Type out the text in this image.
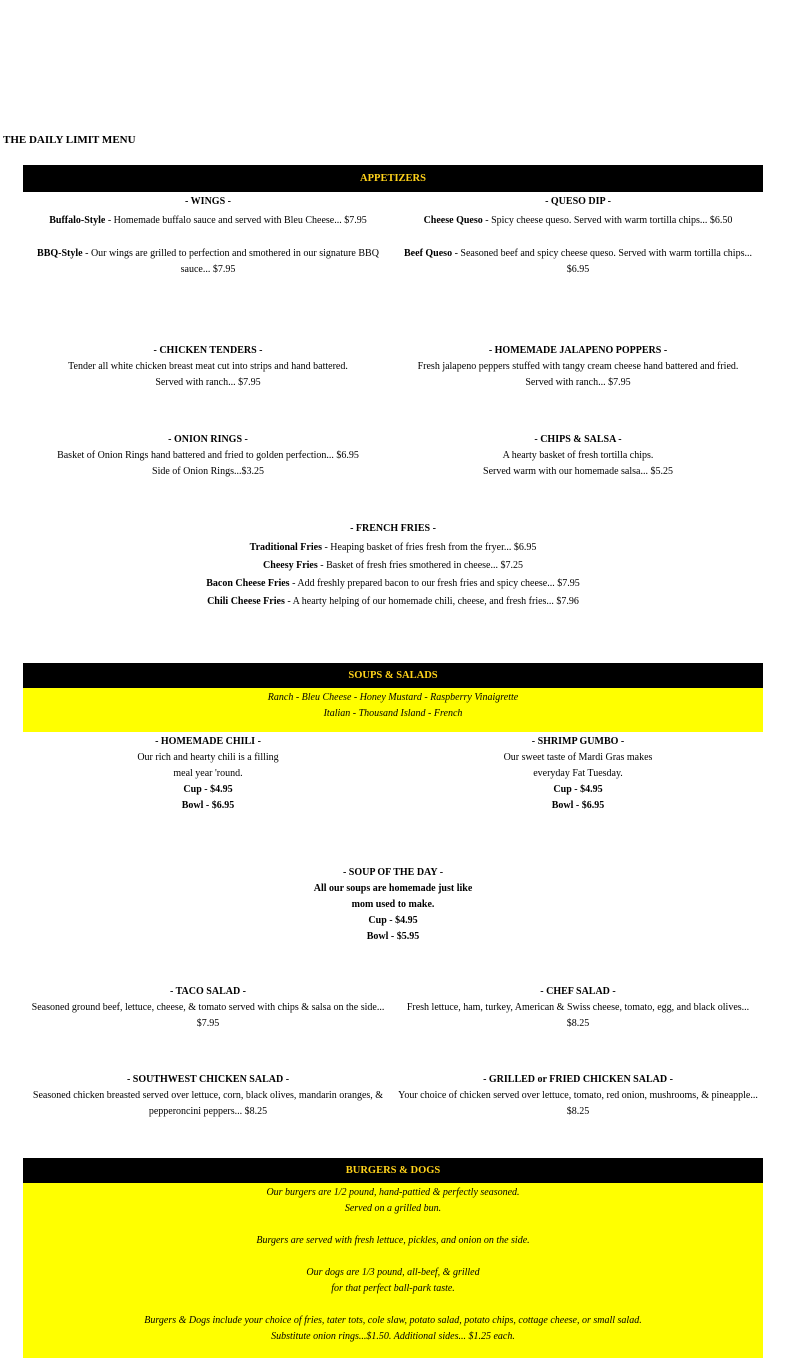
THE DAILY LIMIT MENU
APPETIZERS
- WINGS -
Buffalo-Style - Homemade buffalo sauce and served with Bleu Cheese... $7.95
BBQ-Style - Our wings are grilled to perfection and smothered in our signature BBQ
sauce... $7.95
- QUESO DIP -
Cheese Queso - Spicy cheese queso. Served with warm tortilla chips... $6.50
Beef Queso - Seasoned beef and spicy cheese queso. Served with warm tortilla chips...
$6.95
- CHICKEN TENDERS -
Tender all white chicken breast meat cut into strips and hand battered.
Served with ranch... $7.95
- HOMEMADE JALAPENO POPPERS -
Fresh jalapeno peppers stuffed with tangy cream cheese hand battered and fried.
Served with ranch... $7.95
- ONION RINGS -
Basket of Onion Rings hand battered and fried to golden perfection... $6.95
Side of Onion Rings...$3.25
- CHIPS & SALSA -
A hearty basket of fresh tortilla chips.
Served warm with our homemade salsa... $5.25
- FRENCH FRIES -
Traditional Fries - Heaping basket of fries fresh from the fryer... $6.95
Cheesy Fries - Basket of fresh fries smothered in cheese... $7.25
Bacon Cheese Fries - Add freshly prepared bacon to our fresh fries and spicy cheese... $7.95
Chili Cheese Fries - A hearty helping of our homemade chili, cheese, and fresh fries... $7.96
SOUPS & SALADS
Ranch - Bleu Cheese - Honey Mustard - Raspberry Vinaigrette
Italian - Thousand Island - French
- HOMEMADE CHILI -
Our rich and hearty chili is a filling
meal year 'round.
Cup - $4.95
Bowl - $6.95
- SHRIMP GUMBO -
Our sweet taste of Mardi Gras makes
everyday Fat Tuesday.
Cup - $4.95
Bowl - $6.95
- SOUP OF THE DAY -
All our soups are homemade just like
mom used to make.
Cup - $4.95
Bowl - $5.95
- TACO SALAD -
Seasoned ground beef, lettuce, cheese, & tomato served with chips & salsa on the side...
$7.95
- CHEF SALAD -
Fresh lettuce, ham, turkey, American & Swiss cheese, tomato, egg, and black olives...
$8.25
- SOUTHWEST CHICKEN SALAD -
Seasoned chicken breasted served over lettuce, corn, black olives, mandarin oranges, &
pepperoncini peppers... $8.25
- GRILLED or FRIED CHICKEN SALAD -
Your choice of chicken served over lettuce, tomato, red onion, mushrooms, & pineapple...
$8.25
BURGERS & DOGS
Our burgers are 1/2 pound, hand-pattied & perfectly seasoned.
Served on a grilled bun.
Burgers are served with fresh lettuce, pickles, and onion on the side.
Our dogs are 1/3 pound, all-beef, & grilled
for that perfect ball-park taste.
Burgers & Dogs include your choice of fries, tater tots, cole slaw, potato salad, potato chips, cottage cheese, or small salad.
Substitute onion rings...$1.50. Additional sides... $1.25 each.
